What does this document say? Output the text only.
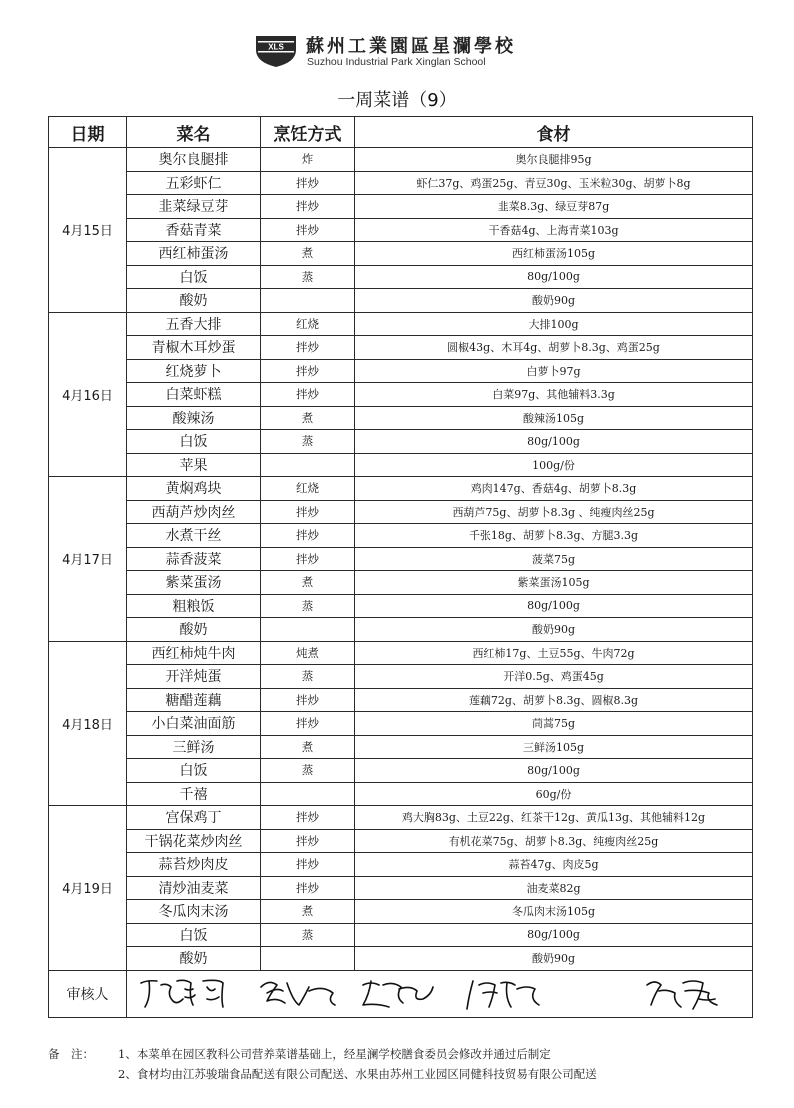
XLS 蘇州工業園區星瀾學校
Suzhou Industrial Park Xinglan School
一周菜谱（9）
日期	菜名	烹饪方式	食材
4月15日	奥尔良腿排	炸	奥尔良腿排95g
	五彩虾仁	拌炒	虾仁37g、鸡蛋25g、青豆30g、玉米粒30g、胡萝卜8g
	韭菜绿豆芽	拌炒	韭菜8.3g、绿豆芽87g
	香菇青菜	拌炒	干香菇4g、上海青菜103g
	西红柿蛋汤	煮	西红柿蛋汤105g
	白饭	蒸	80g/100g
	酸奶		酸奶90g
4月16日	五香大排	红烧	大排100g
	青椒木耳炒蛋	拌炒	圆椒43g、木耳4g、胡萝卜8.3g、鸡蛋25g
	红烧萝卜	拌炒	白萝卜97g
	白菜虾糕	拌炒	白菜97g、其他辅料3.3g
	酸辣汤	煮	酸辣汤105g
	白饭	蒸	80g/100g
	苹果		100g/份
4月17日	黄焖鸡块	红烧	鸡肉147g、香菇4g、胡萝卜8.3g
	西葫芦炒肉丝	拌炒	西葫芦75g、胡萝卜8.3g 、纯瘦肉丝25g
	水煮干丝	拌炒	千张18g、胡萝卜8.3g、方腿3.3g
	蒜香菠菜	拌炒	菠菜75g
	紫菜蛋汤	煮	紫菜蛋汤105g
	粗粮饭	蒸	80g/100g
	酸奶		酸奶90g
4月18日	西红柿炖牛肉	炖煮	西红柿17g、土豆55g、牛肉72g
	开洋炖蛋	蒸	开洋0.5g、鸡蛋45g
	糖醋莲藕	拌炒	莲藕72g、胡萝卜8.3g、圆椒8.3g
	小白菜油面筋	拌炒	茼蒿75g
	三鲜汤	煮	三鲜汤105g
	白饭	蒸	80g/100g
	千禧		60g/份
4月19日	宫保鸡丁	拌炒	鸡大胸83g、土豆22g、红茶干12g、黄瓜13g、其他辅料12g
	干锅花菜炒肉丝	拌炒	有机花菜75g、胡萝卜8.3g、纯瘦肉丝25g
	蒜苔炒肉皮	拌炒	蒜苔47g、肉皮5g
	清炒油麦菜	拌炒	油麦菜82g
	冬瓜肉末汤	煮	冬瓜肉末汤105g
	白饭	蒸	80g/100g
	酸奶		酸奶90g
审核人	
备　注： 1、本菜单在园区教科公司营养菜谱基础上，经星澜学校膳食委员会修改并通过后制定
2、食材均由江苏骏瑞食品配送有限公司配送、水果由苏州工业园区同健科技贸易有限公司配送
